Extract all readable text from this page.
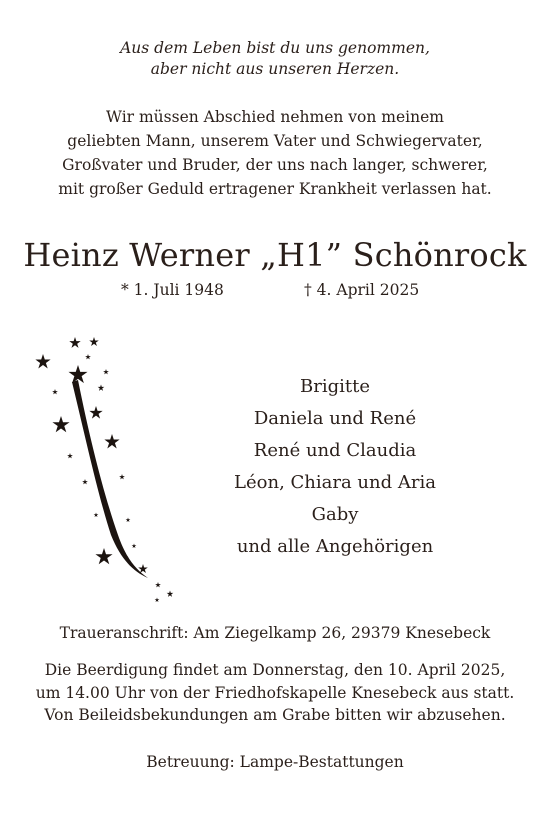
Aus dem Leben bist du uns genommen,
aber nicht aus unseren Herzen.
Wir müssen Abschied nehmen von meinem
geliebten Mann, unserem Vater und Schwiegervater,
Großvater und Bruder, der uns nach langer, schwerer,
mit großer Geduld ertragener Krankheit verlassen hat.
Heinz Werner „H1” Schönrock
* 1. Juli 1948	† 4. April 2025
Brigitte
Daniela und René
René und Claudia
Léon, Chiara und Aria
Gaby
und alle Angehörigen
Traueranschrift: Am Ziegelkamp 26, 29379 Knesebeck
Die Beerdigung findet am Donnerstag, den 10. April 2025,
um 14.00 Uhr von der Friedhofskapelle Knesebeck aus statt.
Von Beileidsbekundungen am Grabe bitten wir abzusehen.
Betreuung: Lampe-Bestattungen
